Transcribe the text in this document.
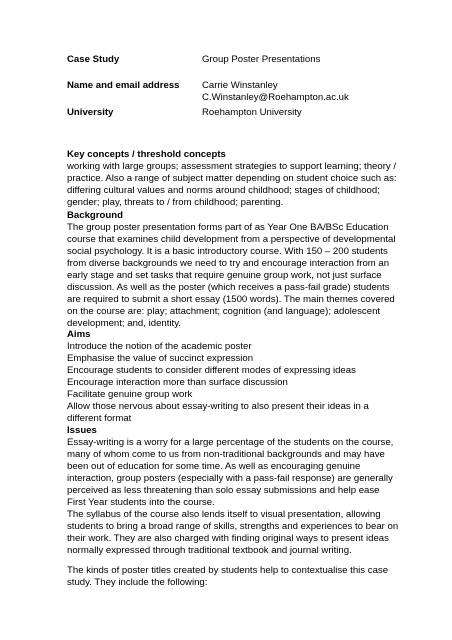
Case Study	Group Poster Presentations
Name and email address Carrie Winstanley
C.Winstanley@Roehampton.ac.uk
University	Roehampton University
Key concepts / threshold concepts
working with large groups; assessment strategies to support learning; theory /
practice. Also a range of subject matter depending on student choice such as:
differing cultural values and norms around childhood; stages of childhood;
gender; play, threats to / from childhood; parenting.
Background
The group poster presentation forms part of as Year One BA/BSc Education
course that examines child development from a perspective of developmental
social psychology. It is a basic introductory course. With 150 – 200 students
from diverse backgrounds we need to try and encourage interaction from an
early stage and set tasks that require genuine group work, not just surface
discussion. As well as the poster (which receives a pass-fail grade) students
are required to submit a short essay (1500 words). The main themes covered
on the course are: play; attachment; cognition (and language); adolescent
development; and, identity.
Aims
Introduce the notion of the academic poster
Emphasise the value of succinct expression
Encourage students to consider different modes of expressing ideas
Encourage interaction more than surface discussion
Facilitate genuine group work
Allow those nervous about essay-writing to also present their ideas in a
different format
Issues
Essay-writing is a worry for a large percentage of the students on the course,
many of whom come to us from non-traditional backgrounds and may have
been out of education for some time. As well as encouraging genuine
interaction, group posters (especially with a pass-fail response) are generally
perceived as less threatening than solo essay submissions and help ease
First Year students into the course.
The syllabus of the course also lends itself to visual presentation, allowing
students to bring a broad range of skills, strengths and experiences to bear on
their work. They are also charged with finding original ways to present ideas
normally expressed through traditional textbook and journal writing.
The kinds of poster titles created by students help to contextualise this case
study. They include the following:
